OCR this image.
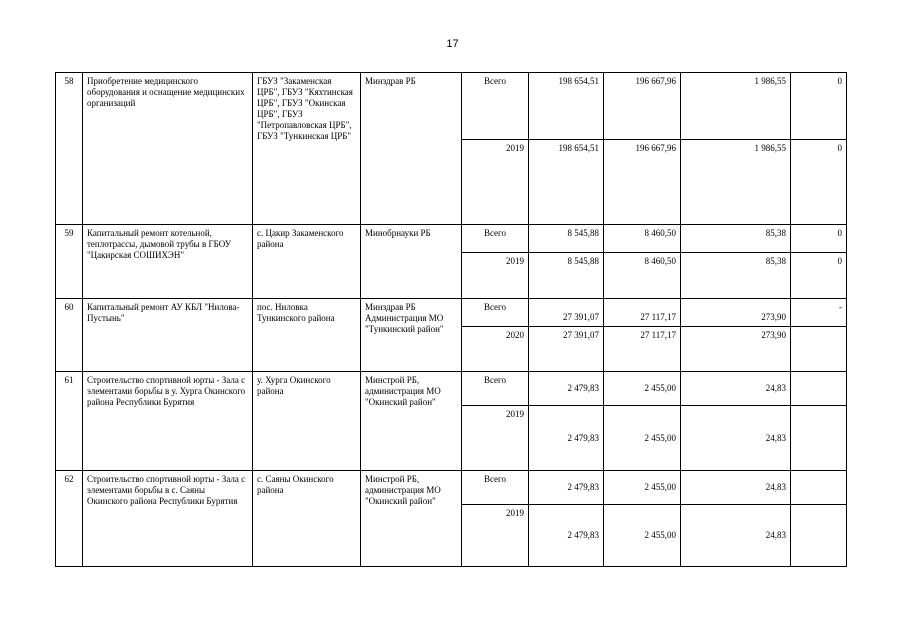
17
58	Приобретение медицинского оборудования и оснащение медицинских организаций	ГБУЗ "Закаменская ЦРБ", ГБУЗ "Кяхтинская ЦРБ", ГБУЗ "Окинская ЦРБ", ГБУЗ "Петропавловская ЦРБ", ГБУЗ "Тункинская ЦРБ"	Минздрав РБ	Всего	198 654,51	196 667,96	1 986,55	0
				2019	198 654,51	196 667,96	1 986,55	0
59	Капитальный ремонт котельной, теплотрассы, дымовой трубы в ГБОУ "Цакирская СОШИХЭН"	с. Цакир Закаменского района	Минобрнауки РБ	Всего	8 545,88	8 460,50	85,38	0
				2019	8 545,88	8 460,50	85,38	0
60	Капитальный ремонт АУ КБЛ "Нилова- Пустынь"	пос. Ниловка Тункинского района	Минздрав РБ Администрация МО "Тункинский район"	Всего	27 391,07	27 117,17	273,90	-
				2020	27 391,07	27 117,17	273,90	
61	Строительство спортивной юрты - Зала с элементами борьбы в у. Хурга Окинского района Республики Бурятия	у. Хурга Окинского района	Минстрой РБ, администрация МО "Окинский район"	Всего	2 479,83	2 455,00	24,83	
				2019	2 479,83	2 455,00	24,83	
62	Строительство спортивной юрты - Зала с элементами борьбы в с. Саяны Окинского района Республики Бурятия	с. Саяны Окинского района	Минстрой РБ, администрация МО "Окинский район"	Всего	2 479,83	2 455,00	24,83	
				2019	2 479,83	2 455,00	24,83	
